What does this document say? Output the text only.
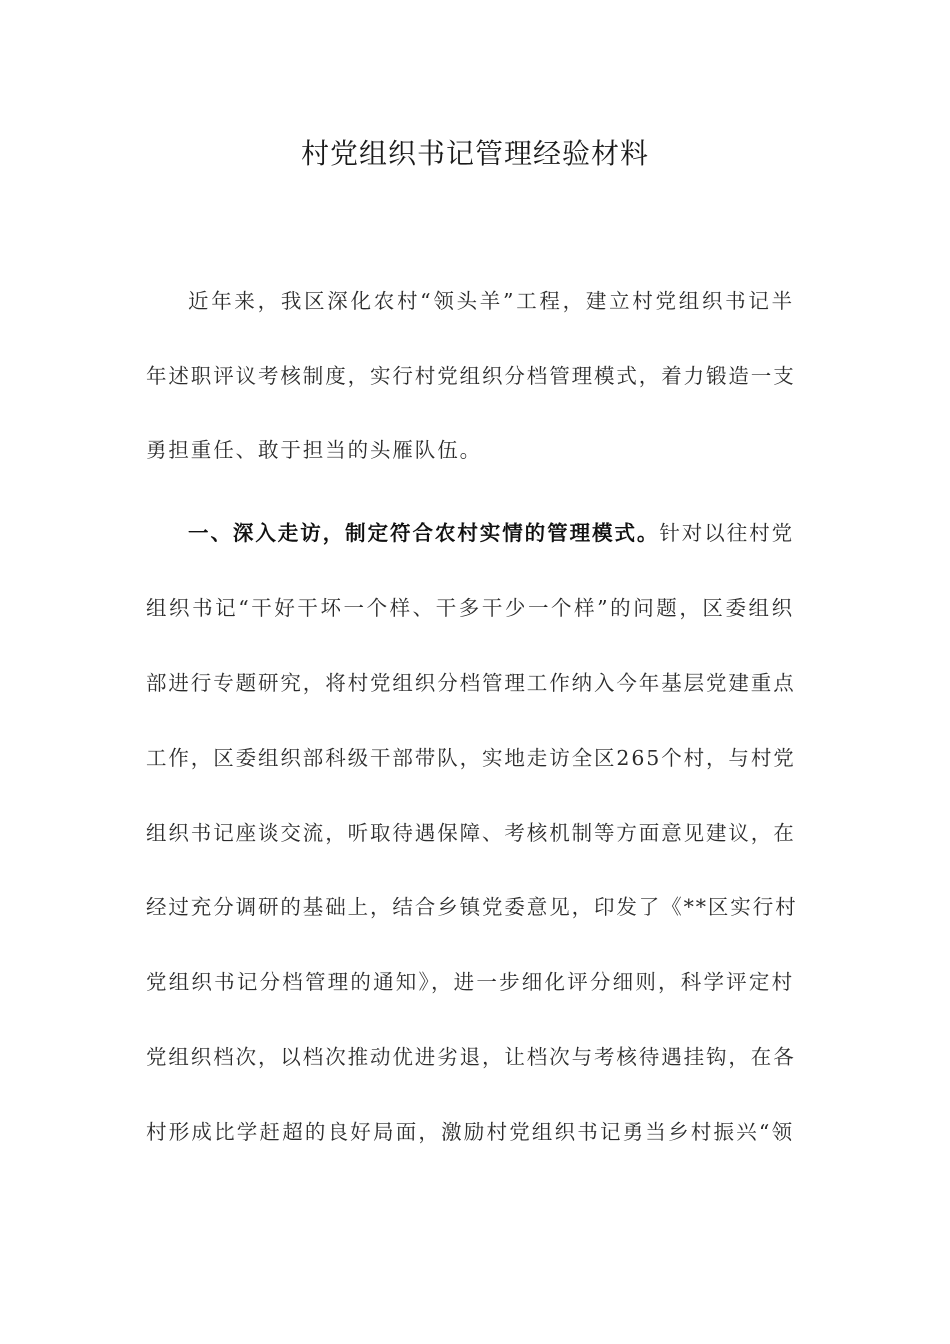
村党组织书记管理经验材料
近年来，我区深化农村“领头羊”工程，建立村党组织书记半
年述职评议考核制度，实行村党组织分档管理模式，着力锻造一支
勇担重任、敢于担当的头雁队伍。
一、深入走访，制定符合农村实情的管理模式。针对以往村党
组织书记“干好干坏一个样、干多干少一个样”的问题，区委组织
部进行专题研究，将村党组织分档管理工作纳入今年基层党建重点
工作，区委组织部科级干部带队，实地走访全区265个村，与村党
组织书记座谈交流，听取待遇保障、考核机制等方面意见建议，在
经过充分调研的基础上，结合乡镇党委意见，印发了《**区实行村
党组织书记分档管理的通知》，进一步细化评分细则，科学评定村
党组织档次，以档次推动优进劣退，让档次与考核待遇挂钩，在各
村形成比学赶超的良好局面，激励村党组织书记勇当乡村振兴“领
